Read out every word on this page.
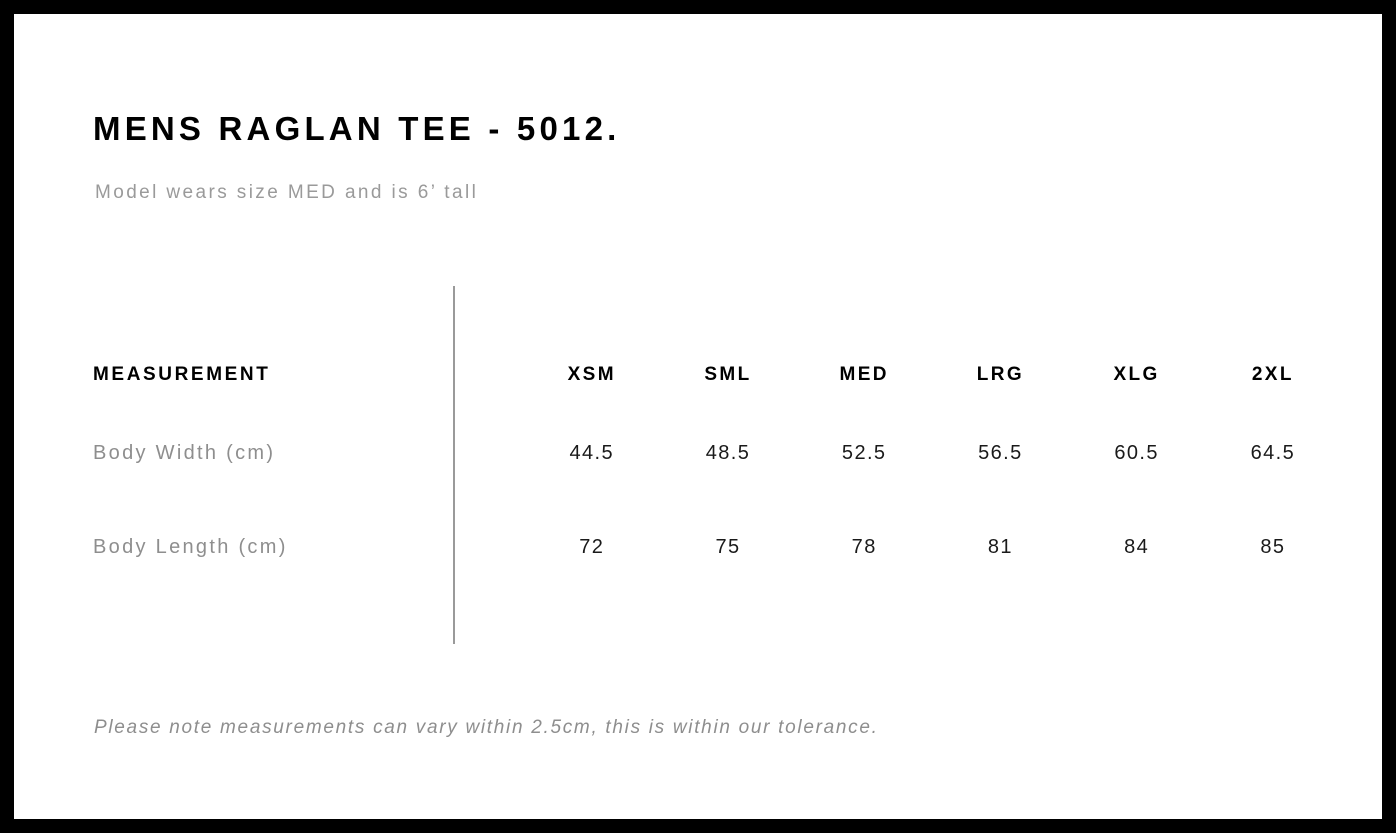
MENS RAGLAN TEE - 5012.
Model wears size MED and is 6’ tall
MEASUREMENT	XSM	SML	MED	LRG	XLG	2XL
Body Width (cm)	44.5	48.5	52.5	56.5	60.5	64.5
Body Length (cm)	72	75	78	81	84	85
Please note measurements can vary within 2.5cm, this is within our tolerance.
